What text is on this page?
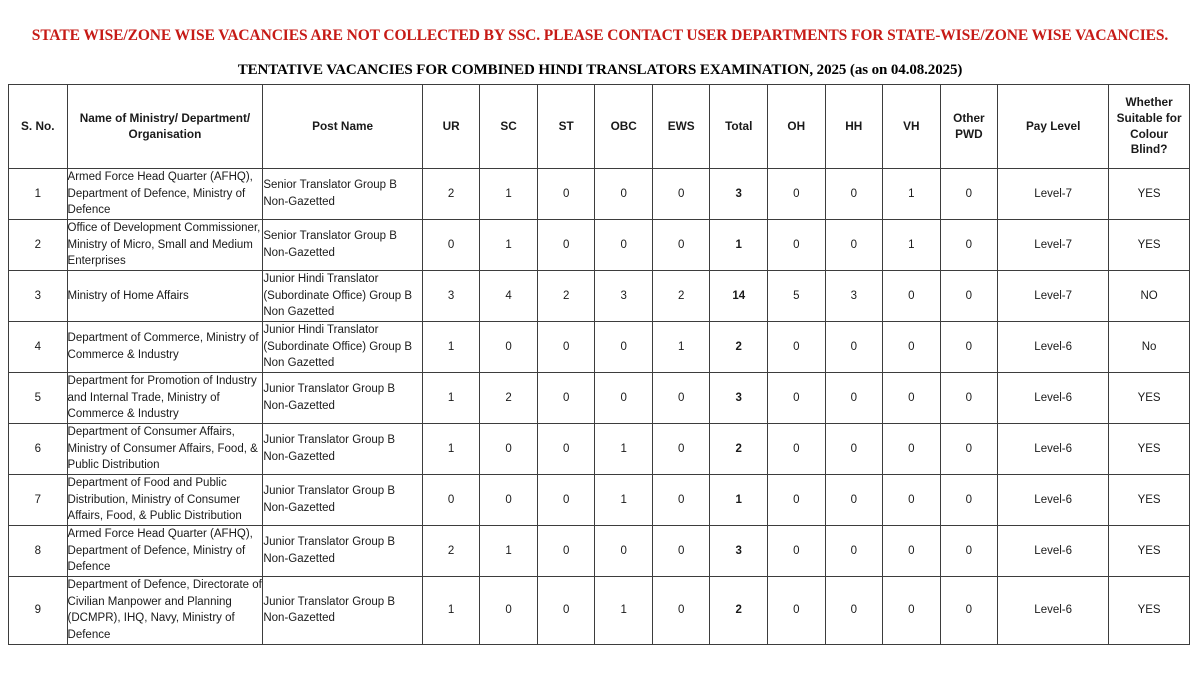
STATE WISE/ZONE WISE VACANCIES ARE NOT COLLECTED BY SSC. PLEASE CONTACT USER DEPARTMENTS FOR STATE-WISE/ZONE WISE VACANCIES.
TENTATIVE VACANCIES FOR COMBINED HINDI TRANSLATORS EXAMINATION, 2025 (as on 04.08.2025)
S. No.	Name of Ministry/ Department/ Organisation	Post Name	UR	SC	ST	OBC	EWS	Total	OH	HH	VH	Other PWD	Pay Level	Whether Suitable for Colour Blind?
1	Armed Force Head Quarter (AFHQ), Department of Defence, Ministry of Defence	Senior Translator Group B Non-Gazetted	2	1	0	0	0	3	0	0	1	0	Level-7	YES
2	Office of Development Commissioner, Ministry of Micro, Small and Medium Enterprises	Senior Translator Group B Non-Gazetted	0	1	0	0	0	1	0	0	1	0	Level-7	YES
3	Ministry of Home Affairs	Junior Hindi Translator (Subordinate Office) Group B Non Gazetted	3	4	2	3	2	14	5	3	0	0	Level-7	NO
4	Department of Commerce, Ministry of Commerce & Industry	Junior Hindi Translator (Subordinate Office) Group B Non Gazetted	1	0	0	0	1	2	0	0	0	0	Level-6	No
5	Department for Promotion of Industry and Internal Trade, Ministry of Commerce & Industry	Junior Translator Group B Non-Gazetted	1	2	0	0	0	3	0	0	0	0	Level-6	YES
6	Department of Consumer Affairs, Ministry of Consumer Affairs, Food, & Public Distribution	Junior Translator Group B Non-Gazetted	1	0	0	1	0	2	0	0	0	0	Level-6	YES
7	Department of Food and Public Distribution, Ministry of Consumer Affairs, Food, & Public Distribution	Junior Translator Group B Non-Gazetted	0	0	0	1	0	1	0	0	0	0	Level-6	YES
8	Armed Force Head Quarter (AFHQ), Department of Defence, Ministry of Defence	Junior Translator Group B Non-Gazetted	2	1	0	0	0	3	0	0	0	0	Level-6	YES
9	Department of Defence, Directorate of Civilian Manpower and Planning (DCMPR), IHQ, Navy, Ministry of Defence	Junior Translator Group B Non-Gazetted	1	0	0	1	0	2	0	0	0	0	Level-6	YES
